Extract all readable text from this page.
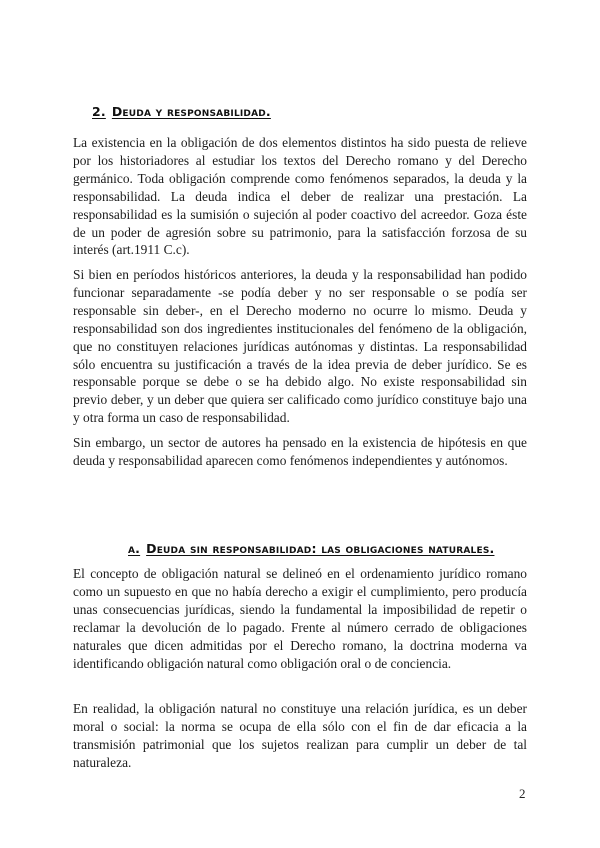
2. Deuda y responsabilidad.

La existencia en la obligación de dos elementos distintos ha sido puesta de relieve por los historiadores al estudiar los textos del Derecho romano y del Derecho germánico. Toda obligación comprende como fenómenos separados, la deuda y la responsabilidad. La deuda indica el deber de realizar una prestación. La responsabilidad es la sumisión o sujeción al poder coactivo del acreedor. Goza éste de un poder de agresión sobre su patrimonio, para la satisfacción forzosa de su interés (art.1911 C.c).

Si bien en períodos históricos anteriores, la deuda y la responsabilidad han podido funcionar separadamente -se podía deber y no ser responsable o se podía ser responsable sin deber-, en el Derecho moderno no ocurre lo mismo. Deuda y responsabilidad son dos ingredientes institucionales del fenómeno de la obligación, que no constituyen relaciones jurídicas autónomas y distintas. La responsabilidad sólo encuentra su justificación a través de la idea previa de deber jurídico. Se es responsable porque se debe o se ha debido algo. No existe responsabilidad sin previo deber, y un deber que quiera ser calificado como jurídico constituye bajo una y otra forma un caso de responsabilidad.

Sin embargo, un sector de autores ha pensado en la existencia de hipótesis en que deuda y responsabilidad aparecen como fenómenos independientes y autónomos.

a. Deuda sin responsabilidad: las obligaciones naturales.

El concepto de obligación natural se delineó en el ordenamiento jurídico romano como un supuesto en que no había derecho a exigir el cumplimiento, pero producía unas consecuencias jurídicas, siendo la fundamental la imposibilidad de repetir o reclamar la devolución de lo pagado. Frente al número cerrado de obligaciones naturales que dicen admitidas por el Derecho romano, la doctrina moderna va identificando obligación natural como obligación oral o de conciencia.

En realidad, la obligación natural no constituye una relación jurídica, es un deber moral o social: la norma se ocupa de ella sólo con el fin de dar eficacia a la transmisión patrimonial que los sujetos realizan para cumplir un deber de tal naturaleza.

2
